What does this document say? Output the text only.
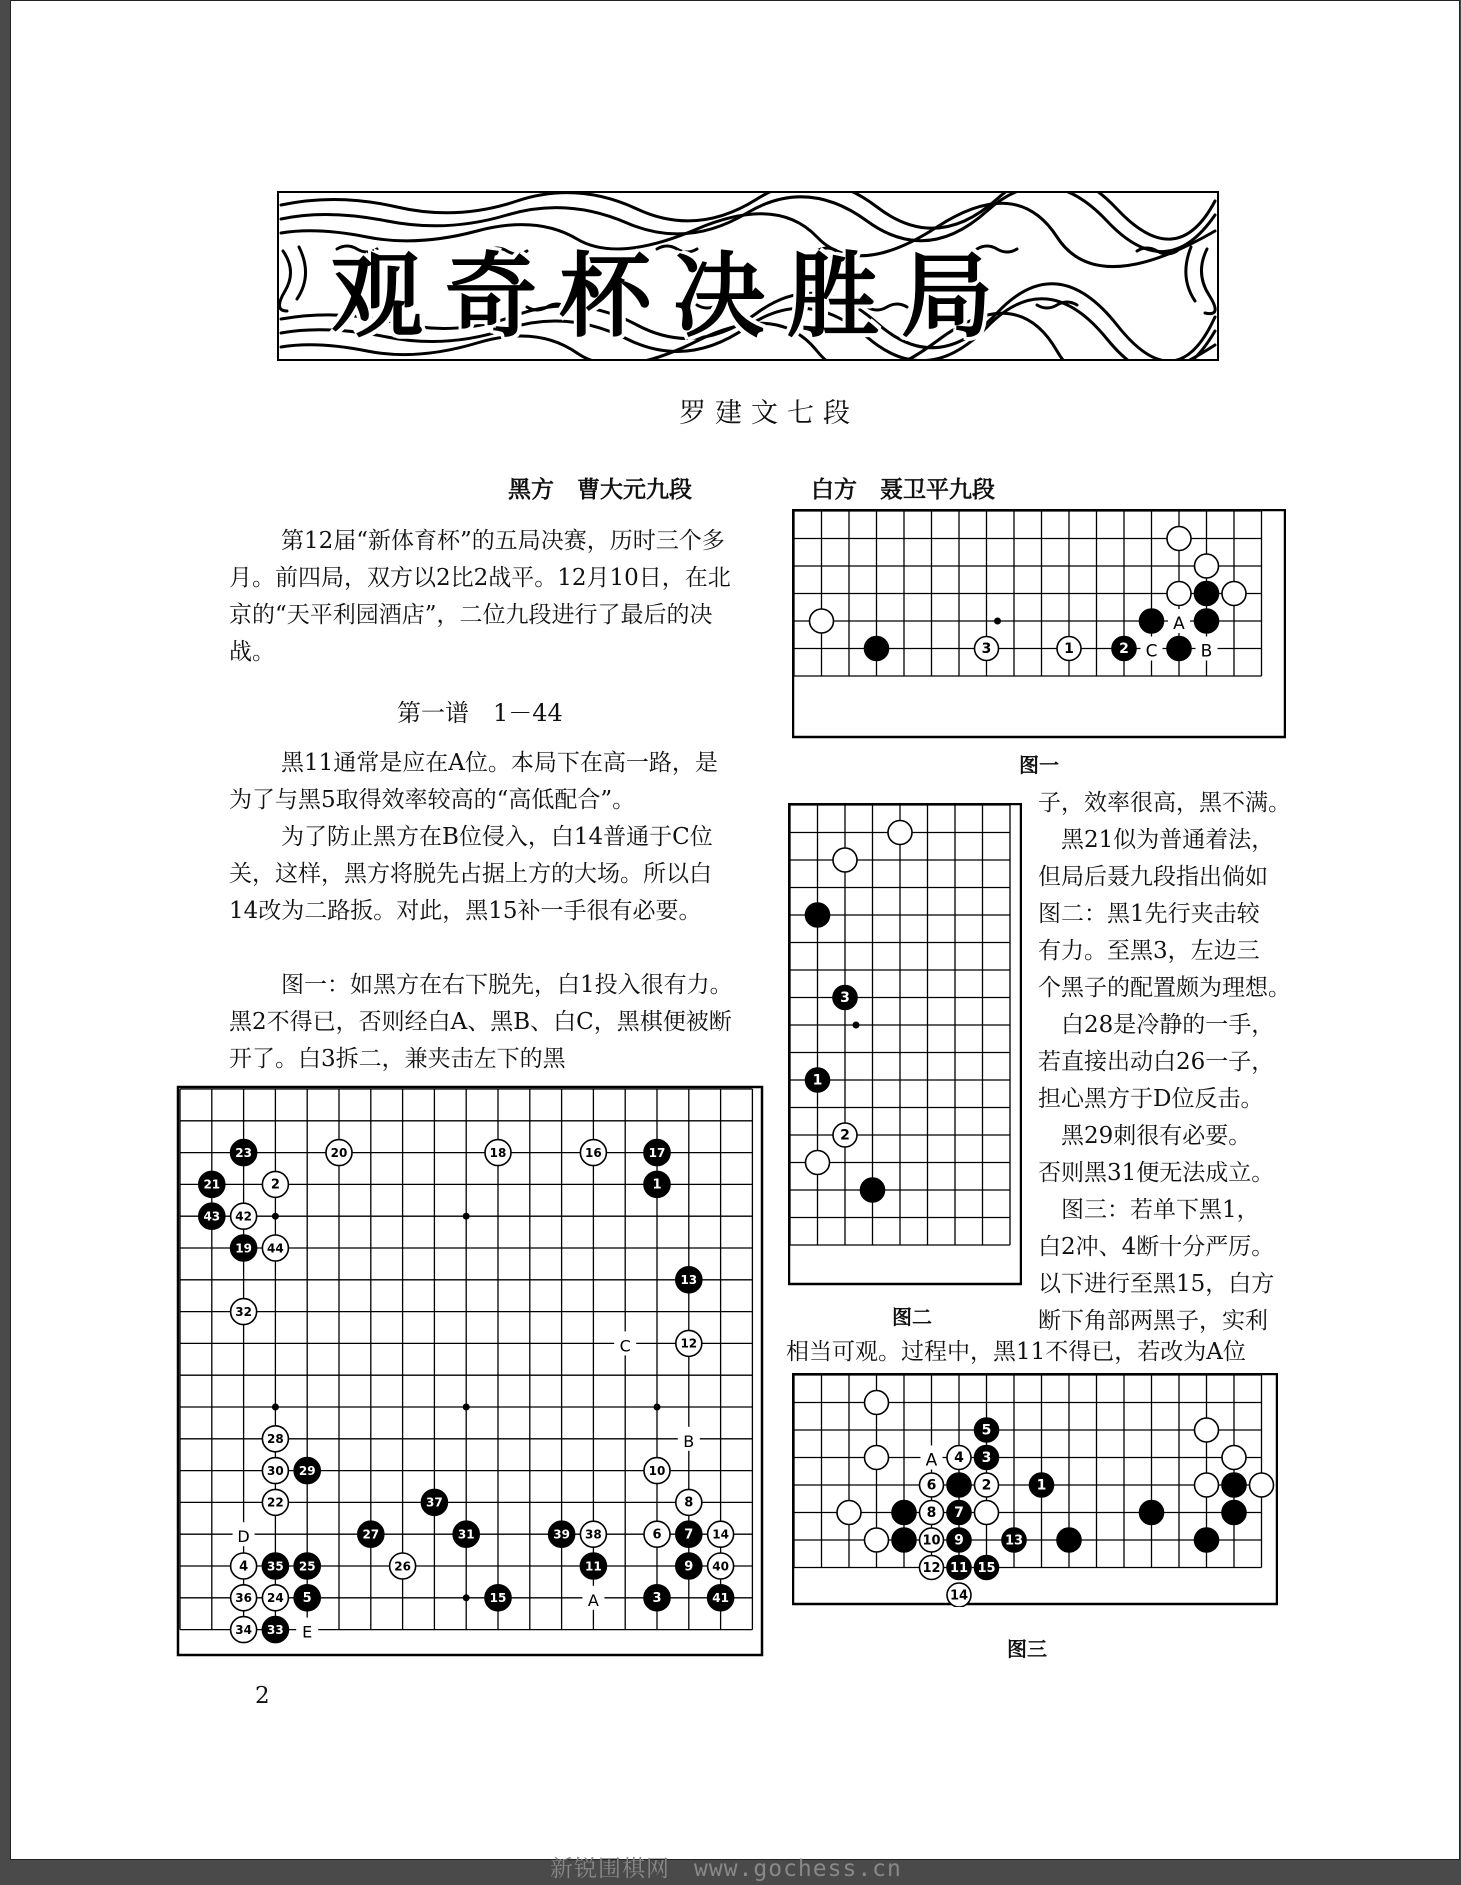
观奇杯决胜局
罗建文七段
黑方　曹大元九段	白方　聂卫平九段

第12届“新体育杯”的五局决赛，历时三个多月。前四局，双方以2比2战平。12月10日，在北京的“天平利园酒店”，二位九段进行了最后的决战。

第一谱　1－44

黑11通常是应在A位。本局下在高一路，是为了与黑5取得效率较高的“高低配合”。

为了防止黑方在B位侵入，白14普通于C位关，这样，黑方将脱先占据上方的大场。所以白14改为二路扳。对此，黑15补一手很有必要。

图一：如黑方在右下脱先，白1投入很有力。黑2不得已，否则经白A、黑B、白C，黑棋便被断开了。白3拆二，兼夹击左下的黑

A
B
C
3	1	2
图一
3
1
2
图二
子，效率很高，黑不满。
　黑21似为普通着法，
但局后聂九段指出倘如
图二：黑1先行夹击较
有力。至黑3，左边三
个黑子的配置颇为理想。
　白28是冷静的一手，
若直接出动白26一子，
担心黑方于D位反击。
　黑29刺很有必要。
否则黑31便无法成立。
　图三：若单下黑1，
白2冲、4断十分严厉。
以下进行至黑15，白方
断下角部两黑子，实利
相当可观。过程中，黑11不得已，若改为A位
A
5
4 3
6	2	1
8 7
10 9	13
12 11 15
14
图三
C
B
D
A
E
23	20	18	16	17
21	2	1
43 42
19 44
13
32
12
28
30 29	10
22	8
37
27	31	39 38	6 7 14
4 35 25	26	11	9 40
36 24 5	15	3	41
34 33
2
新锐围棋网　www.gochess.cn
